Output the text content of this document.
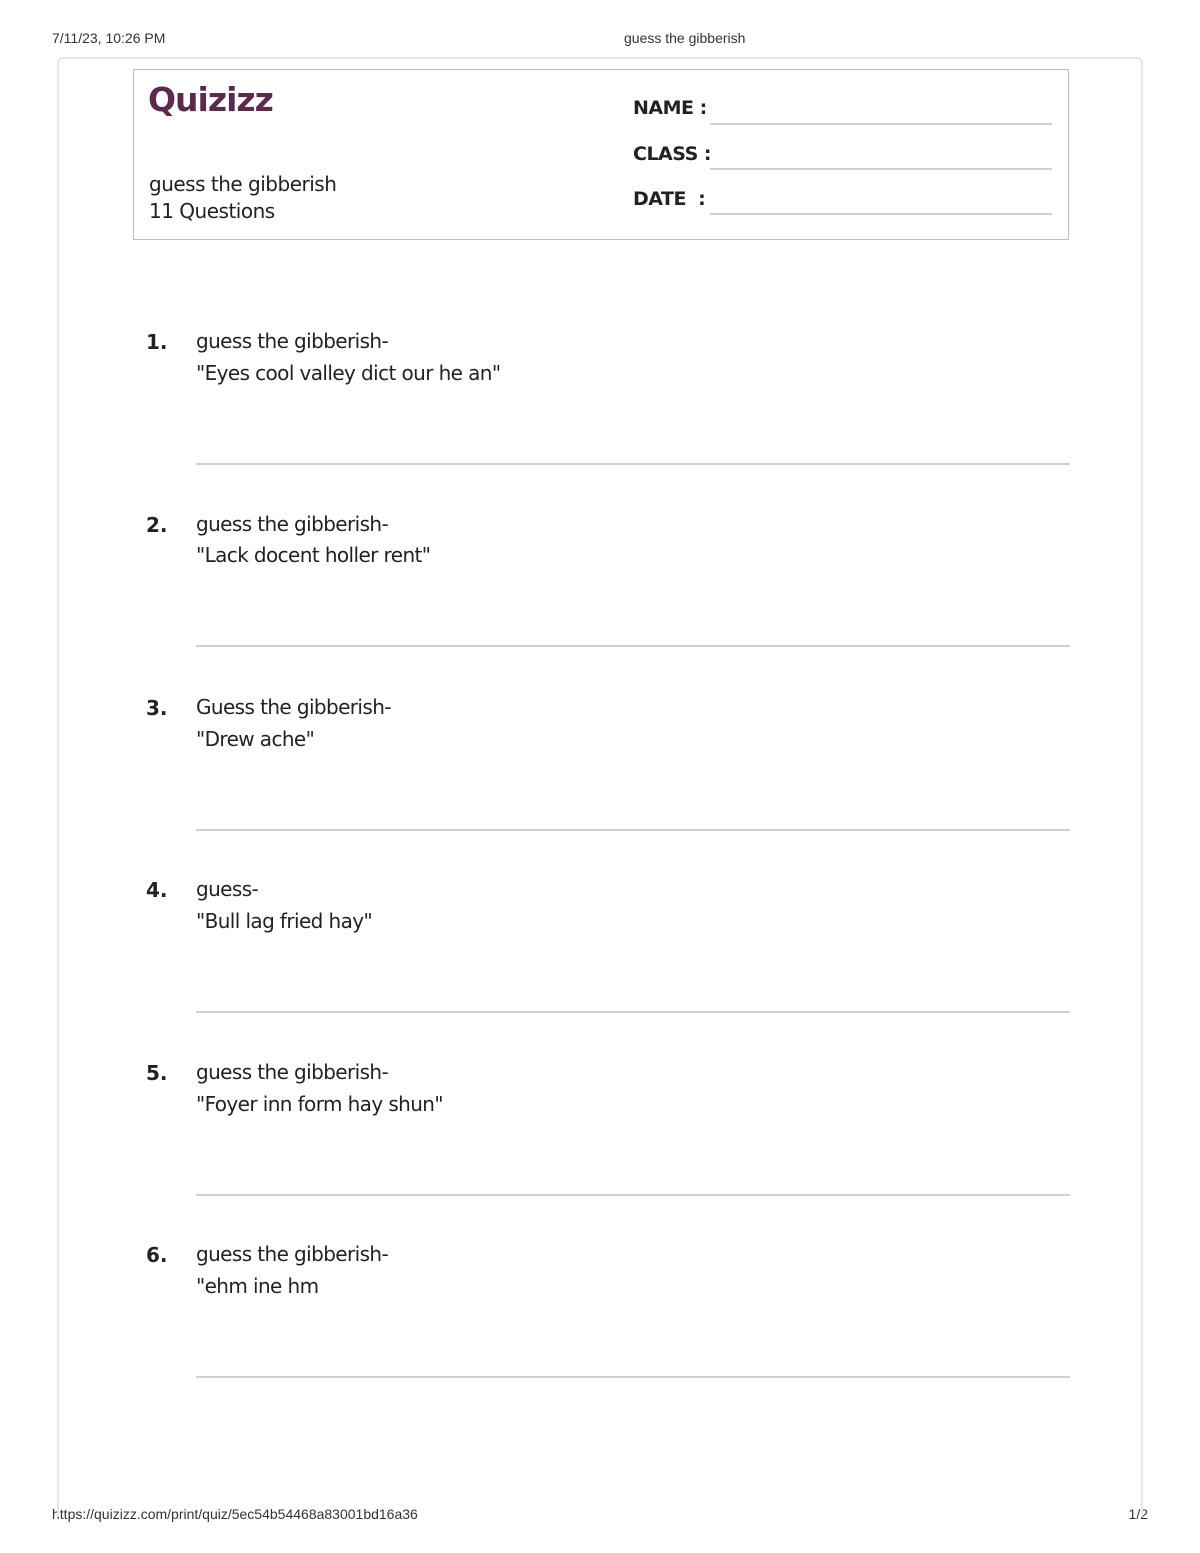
7/11/23, 10:26 PM	guess the gibberish
https://quizizz.com/print/quiz/5ec54b54468a83001bd16a36	1/2
Quizizz
guess the gibberish
11 Questions
NAME :
CLASS :
DATE  :
1. guess the gibberish-
"Eyes cool valley dict our he an"
2. guess the gibberish-
"Lack docent holler rent"
3. Guess the gibberish-
"Drew ache"
4. guess-
"Bull lag fried hay"
5. guess the gibberish-
"Foyer inn form hay shun"
6. guess the gibberish-
"ehm ine hm
